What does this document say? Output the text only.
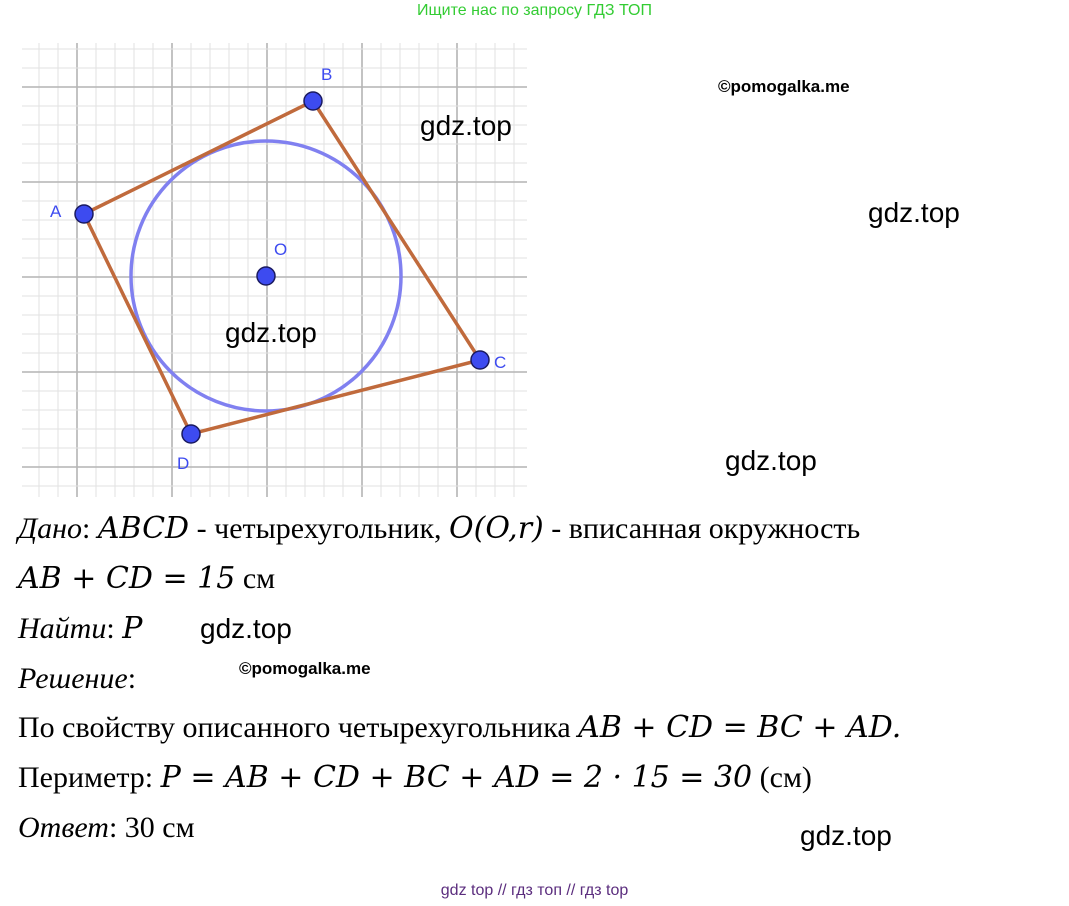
Ищите нас по запросу ГДЗ ТОП
B
A
O
C
D
©pomogalka.me
gdz.top
gdz.top
gdz.top
gdz.top
gdz.top
©pomogalka.me
gdz.top
Дано: ABCD - четырехугольник, O(O,r) - вписанная окружность
AB + CD = 15 см
Найти: P
Решение:
По свойству описанного четырехугольника AB + CD = BC + AD.
Периметр: P = AB + CD + BC + AD = 2 · 15 = 30 (см)
Ответ: 30 см
gdz top // гдз топ // гдз top
